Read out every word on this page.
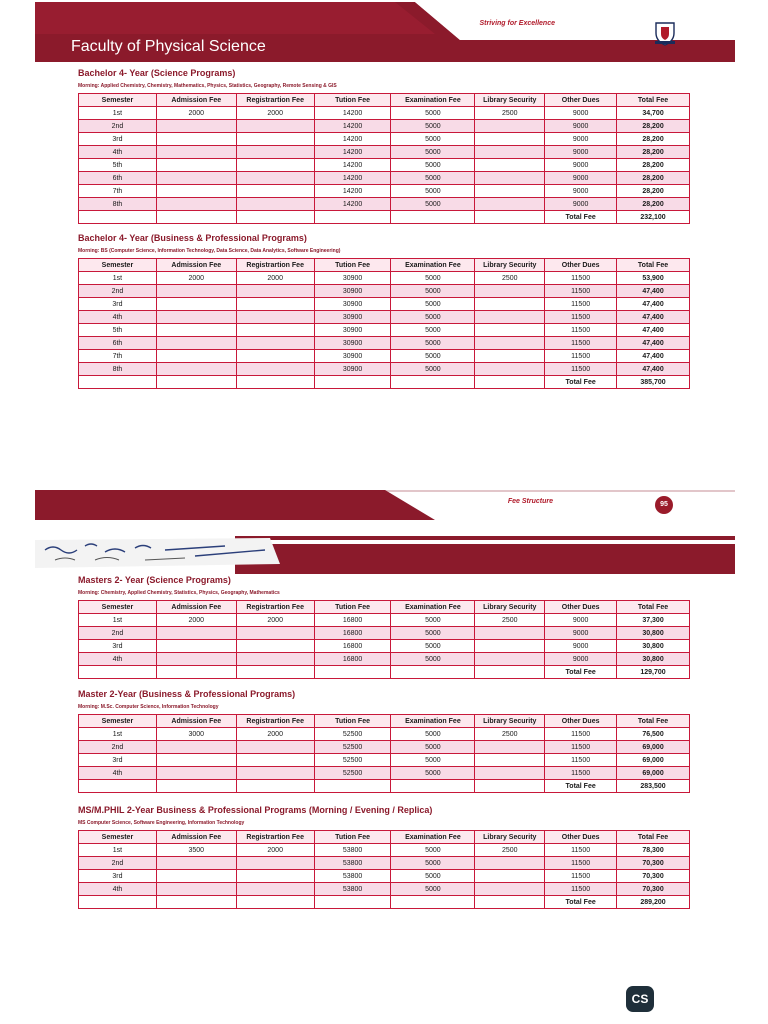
Faculty of Physical Science
Striving for Excellence
Bachelor 4- Year (Science Programs)
Morning: Applied Chemistry, Chemistry, Mathematics, Physics, Statistics, Geography, Remote Sensing & GIS
Semester	Admission Fee	Registrartion Fee	Tution Fee	Examination Fee	Library Security	Other Dues	Total Fee
1st	2000	2000	14200	5000	2500	9000	34,700
2nd			14200	5000		9000	28,200
3rd			14200	5000		9000	28,200
4th			14200	5000		9000	28,200
5th			14200	5000		9000	28,200
6th			14200	5000		9000	28,200
7th			14200	5000		9000	28,200
8th			14200	5000		9000	28,200
						Total Fee	232,100
Bachelor 4- Year (Business & Professional Programs)
Morning: BS (Computer Science, Information Technology, Data Science, Data Analytics, Software Engineering)
Semester	Admission Fee	Registrartion Fee	Tution Fee	Examination Fee	Library Security	Other Dues	Total Fee
1st	2000	2000	30900	5000	2500	11500	53,900
2nd			30900	5000		11500	47,400
3rd			30900	5000		11500	47,400
4th			30900	5000		11500	47,400
5th			30900	5000		11500	47,400
6th			30900	5000		11500	47,400
7th			30900	5000		11500	47,400
8th			30900	5000		11500	47,400
						Total Fee	385,700
Fee Structure	95
Masters 2- Year (Science Programs)
Morning: Chemistry, Applied Chemistry, Statistics, Physics, Geography, Mathematics
Semester	Admission Fee	Registrartion Fee	Tution Fee	Examination Fee	Library Security	Other Dues	Total Fee
1st	2000	2000	16800	5000	2500	9000	37,300
2nd			16800	5000		9000	30,800
3rd			16800	5000		9000	30,800
4th			16800	5000		9000	30,800
						Total Fee	129,700
Master 2-Year (Business & Professional Programs)
Morning: M.Sc. Computer Science, Information Technology
Semester	Admission Fee	Registrartion Fee	Tution Fee	Examination Fee	Library Security	Other Dues	Total Fee
1st	3000	2000	52500	5000	2500	11500	76,500
2nd			52500	5000		11500	69,000
3rd			52500	5000		11500	69,000
4th			52500	5000		11500	69,000
						Total Fee	283,500
MS/M.PHIL 2-Year Business & Professional Programs (Morning / Evening / Replica)
MS Computer Science, Software Engineering, Information Technology
Semester	Admission Fee	Registrartion Fee	Tution Fee	Examination Fee	Library Security	Other Dues	Total Fee
1st	3500	2000	53800	5000	2500	11500	78,300
2nd			53800	5000		11500	70,300
3rd			53800	5000		11500	70,300
4th			53800	5000		11500	70,300
						Total Fee	289,200
CS
